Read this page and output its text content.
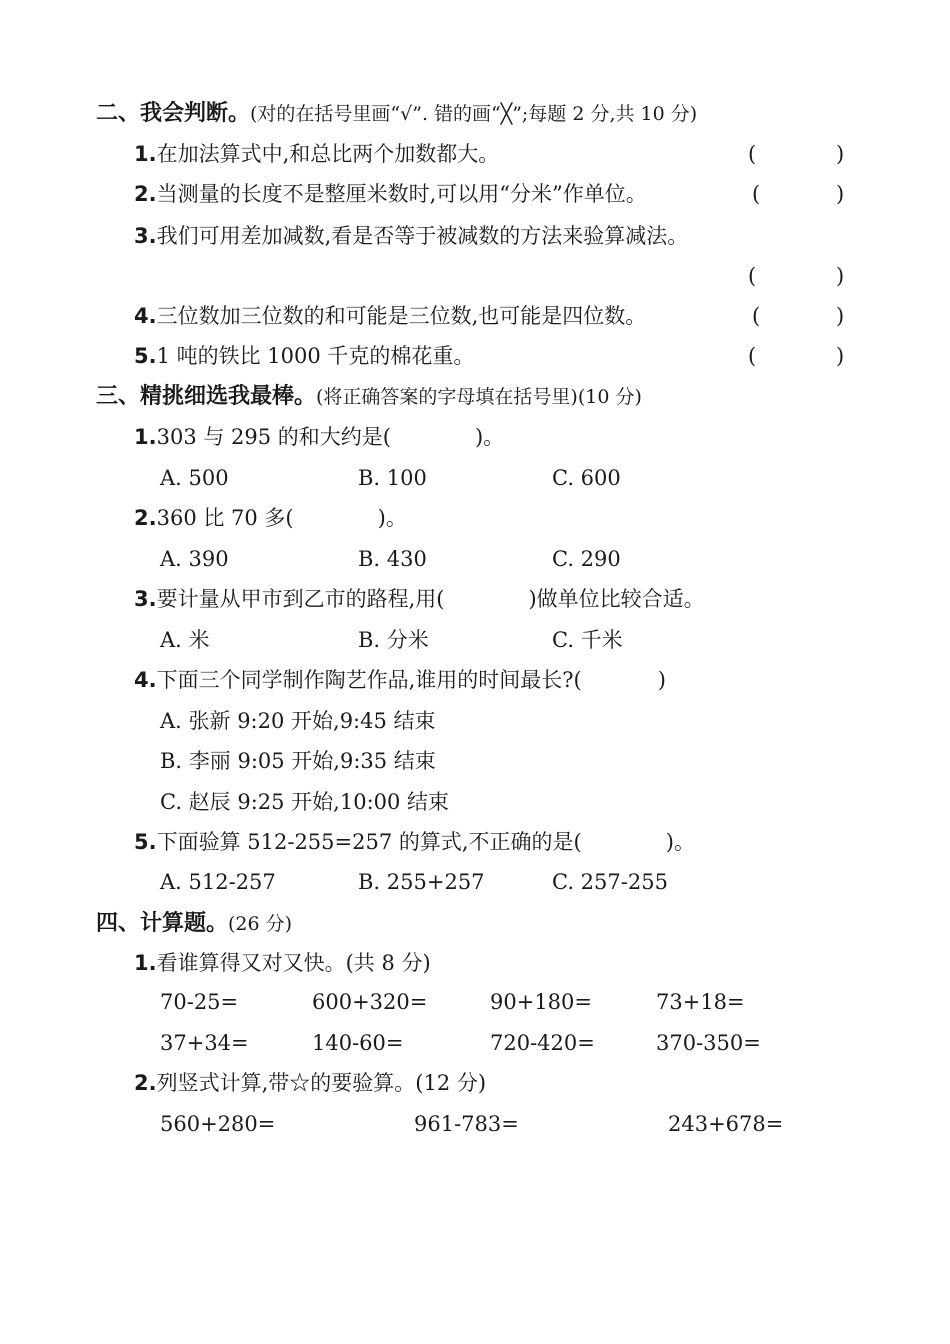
二、我会判断。(对的在括号里画“√”. 错的画“╳”;每题 2 分,共 10 分)
1.在加法算式中,和总比两个加数都大。	(	)
2.当测量的长度不是整厘米数时,可以用“分米”作单位。	(	)
3.我们可用差加减数,看是否等于被减数的方法来验算减法。
(	)
4.三位数加三位数的和可能是三位数,也可能是四位数。	(	)
5.1 吨的铁比 1000 千克的棉花重。	(	)
三、精挑细选我最棒。(将正确答案的字母填在括号里)(10 分)
1.303 与 295 的和大约是(	)。
A. 500	B. 100	C. 600
2.360 比 70 多(	)。
A. 390	B. 430	C. 290
3.要计量从甲市到乙市的路程,用(	)做单位比较合适。
A. 米	B. 分米	C. 千米
4.下面三个同学制作陶艺作品,谁用的时间最长?(	)
A. 张新 9:20 开始,9:45 结束
B. 李丽 9:05 开始,9:35 结束
C. 赵辰 9:25 开始,10:00 结束
5.下面验算 512-255=257 的算式,不正确的是(	)。
A. 512-257	B. 255+257	C. 257-255
四、计算题。(26 分)
1.看谁算得又对又快。(共 8 分)
70-25=	600+320=	90+180=	73+18=
37+34=	140-60=	720-420=	370-350=
2.列竖式计算,带☆的要验算。(12 分)
560+280=	961-783=	243+678=
